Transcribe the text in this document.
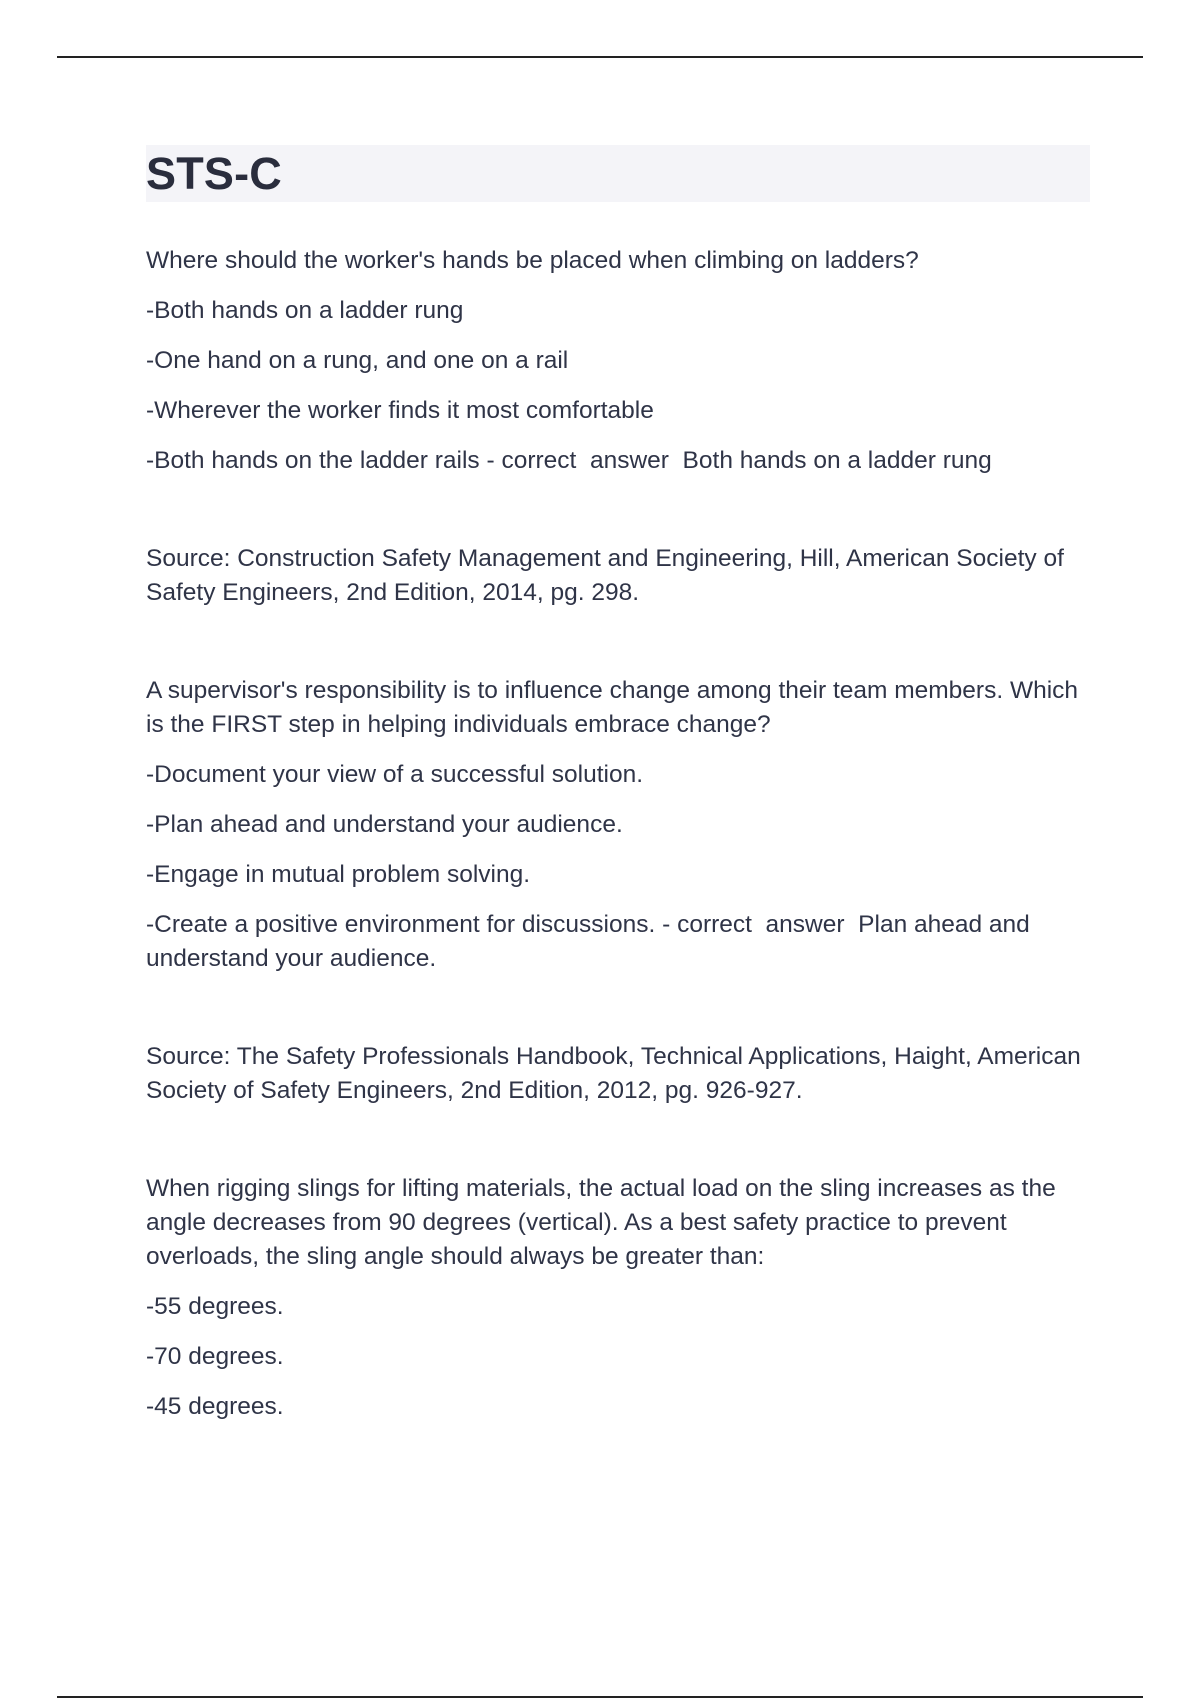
STS-C

Where should the worker's hands be placed when climbing on ladders?

-Both hands on a ladder rung

-One hand on a rung, and one on a rail

-Wherever the worker finds it most comfortable

-Both hands on the ladder rails - correct  answer  Both hands on a ladder rung

Source: Construction Safety Management and Engineering, Hill, American Society of Safety Engineers, 2nd Edition, 2014, pg. 298.

A supervisor's responsibility is to influence change among their team members. Which is the FIRST step in helping individuals embrace change?

-Document your view of a successful solution.

-Plan ahead and understand your audience.

-Engage in mutual problem solving.

-Create a positive environment for discussions. - correct  answer  Plan ahead and understand your audience.

Source: The Safety Professionals Handbook, Technical Applications, Haight, American Society of Safety Engineers, 2nd Edition, 2012, pg. 926-927.

When rigging slings for lifting materials, the actual load on the sling increases as the angle decreases from 90 degrees (vertical). As a best safety practice to prevent overloads, the sling angle should always be greater than:

-55 degrees.

-70 degrees.

-45 degrees.
